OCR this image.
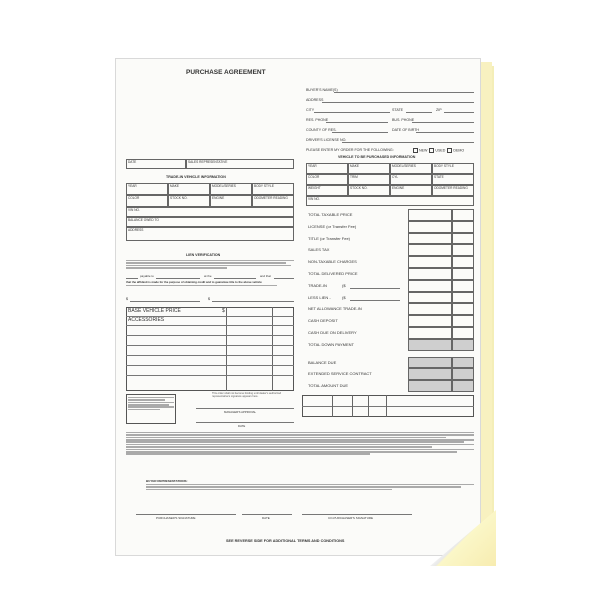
PURCHASE AGREEMENT
BUYER'S NAME(S)
ADDRESS
CITY	STATE	ZIP
RES. PHONE	BUS. PHONE
COUNTY OF RES.	DATE OF BIRTH
DRIVER'S LICENSE NO.
PLEASE ENTER MY ORDER FOR THE FOLLOWING:	NEW USED DEMO
DATE	SALES REPRESENTATIVE
TRADE-IN VEHICLE INFORMATION
YEAR	MAKE	MODEL/SERIES	BODY STYLE
COLOR	STOCK NO.	ENGINE	ODOMETER READING
VIN NO.
BALANCE OWED TO
ADDRESS
LIEN VERIFICATION
payable to	at the	and that
that the affidavit is made for the purpose of obtaining credit and to guarantee title to the above vehicle
$	$
BASE VEHICLE PRICE	$
ACCESSORIES
This order shall not become binding until dealer's authorized representative's signature appears here.
MANAGER'S APPROVAL
DATE
VEHICLE TO BE PURCHASED INFORMATION
YEAR	MAKE	MODEL/SERIES	BODY STYLE
COLOR	TRIM	CYL	STATE
WEIGHT	STOCK NO.	ENGINE	ODOMETER READING
VIN NO.
TOTAL TAXABLE PRICE
LICENSE (or Transfer Fee)
TITLE (or Transfer Fee)
SALES TAX
NON-TAXABLE CHARGES
TOTAL DELIVERED PRICE
TRADE-IN	($
LESS LIEN -	($
NET ALLOWANCE TRADE-IN
CASH DEPOSIT
CASH DUE ON DELIVERY
TOTAL DOWN PAYMENT
BALANCE DUE
EXTENDED SERVICE CONTRACT
TOTAL AMOUNT DUE
BUYER REPRESENTATIONS:
PURCHASER'S SIGNATURE	DATE	CO-PURCHASER'S SIGNATURE
SEE REVERSE SIDE FOR ADDITIONAL TERMS AND CONDITIONS
